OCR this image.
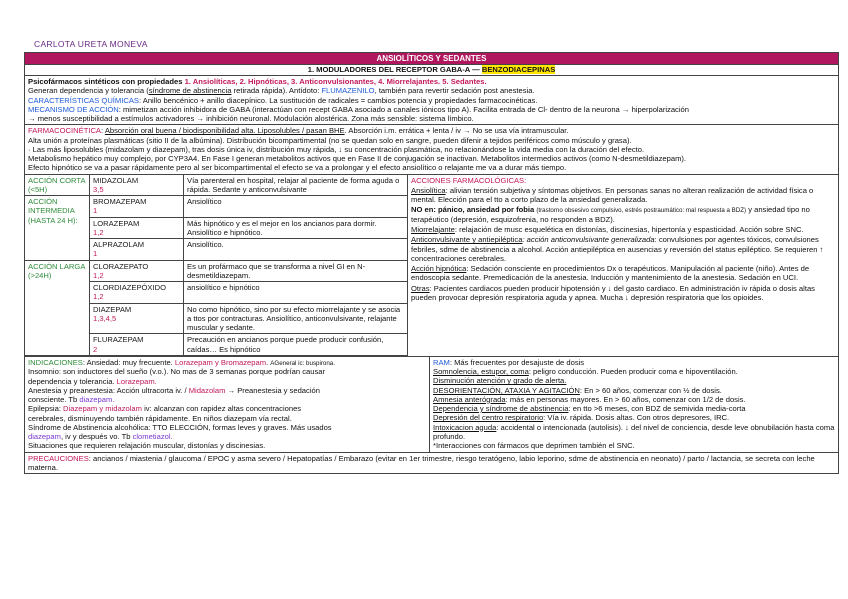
CARLOTA URETA MONEVA
ANSIOLÍTICOS Y SEDANTES
1. MODULADORES DEL RECEPTOR GABA-A — BENZODIACEPINAS

Psicofármacos sintéticos con propiedades 1. Ansiolíticas, 2. Hipnóticas, 3. Anticonvulsionantes, 4. Miorrelajantes. 5. Sedantes.

Generan dependencia y tolerancia (síndrome de abstinencia retirada rápida). Antídoto: FLUMAZENILO, también para revertir sedación post anestesia.

CARACTERÍSTICAS QUÍMICAS: Anillo bencénico + anillo diacepínico. La sustitución de radicales = cambios potencia y propiedades farmacocinéticas.

MECANISMO DE ACCIÓN: mimetizan acción inhibidora de GABA (interactúan con recept GABA asociado a canales iónicos tipo A). Facilita entrada de Cl- dentro de la neurona → hiperpolarización

→ menos susceptibilidad a estímulos activadores → inhibición neuronal. Modulación alostérica. Zona más sensible: sistema límbico.

FARMACOCINÉTICA: Absorción oral buena / biodisponibilidad alta. Liposolubles / pasan BHE. Absorción i.m. errática + lenta / iv → No se usa vía intramuscular.

Alta unión a proteínas plasmáticas (sitio II de la albúmina). Distribución bicompartimental (no se quedan solo en sangre, pueden difenir a tejidos periféricos como músculo y grasa).

· Las más liposolubles (midazolam y diazepam), tras dosis única iv, distribución muy rápida, ↓ su concentración plasmática, no relacionándose la vida media con la duración del efecto.

Metabolismo hepático muy complejo, por CYP3A4. En Fase I generan metabolitos activos que en Fase II de conjugación se inactivan. Metabolitos intermedios activos (como N-desmetildiazepam).

Efecto hipnótico se va a pasar rápidamente pero al ser bicompartimental el efecto se va a prolongar y el efecto ansiolítico o relajante me va a durar más tiempo.

ACCIÓN CORTA (<5H)
MIDAZOLAM
3,5
Vía parenteral en hospital, relajar al paciente de forma aguda o rápida. Sedante y anticonvulsivante
ACCIÓN INTERMEDIA (HASTA 24 H):
BROMAZEPAM
1
Ansiolítico
LORAZEPAM
1,2
Más hipnótico y es el mejor en los ancianos para dormir. Ansiolítico e hipnótico.
ALPRAZOLAM
1
Ansiolítico.
ACCIÓN LARGA (>24H)
CLORAZEPATO
1,2
Es un profármaco que se transforma a nivel GI en N-desmetildiazepam.
CLORDIAZEPÓXIDO
1,2
ansiolítico e hipnótico
DIAZEPAM
1,3,4,5
No como hipnótico, sino por su efecto miorrelajante y se asocia a ttos por contracturas. Ansiolítico, anticonvulsivante, relajante muscular y sedante.
FLURAZEPAM
2
Precaución en ancianos porque puede producir confusión, caídas… Es hipnótico

ACCIONES FARMACOLÓGICAS:

Ansiolítica: alivian tensión subjetiva y síntomas objetivos. En personas sanas no alteran realización de actividad física o mental. Elección para el tto a corto plazo de la ansiedad generalizada.

NO en: pánico, ansiedad por fobia (trastorno obsesivo compulsivo, estrés postraumático: mal respuesta a BDZ) y ansiedad tipo no terapéutico (depresión, esquizofrenia, no responden a BDZ).

Miorrelajante: relajación de musc esquelética en distonías, discinesias, hipertonía y espasticidad. Acción sobre SNC.

Anticonvulsivante y antiepiléptica: acción anticonvulsivante generalizada: convulsiones por agentes tóxicos, convulsiones febriles, sdme de abstinencia a alcohol. Acción antiepiléptica en ausencias y reversión del status epiléptico. Se requieren ↑ concentraciones cerebrales.

Acción hipnótica: Sedación consciente en procedimientos Dx o terapéuticos. Manipulación al paciente (niño). Antes de endoscopia sedante. Premedicación de la anestesia. Inducción y mantenimiento de la anestesia. Sedación en UCI.

Otras: Pacientes cardiacos pueden producir hipotensión y ↓ del gasto cardiaco. En administración iv rápida o dosis altas pueden provocar depresión respiratoria aguda y apnea. Mucha ↓ depresión respiratoria que los opioides.

INDICACIONES: Ansiedad: muy frecuente. Lorazepam y Bromazepam. AGeneral ic: buspirona.

Insomnio: son inductores del sueño (v.o.). No mas de 3 semanas porque podrían causar

dependencia y tolerancia. Lorazepam.

Anestesia y preanestesia: Acción ultracorta iv. / Midazolam → Preanestesia y sedación

consciente. Tb diazepam.

Epilepsia: Diazepam y midazolam iv: alcanzan con rapidez altas concentraciones

cerebrales, disminuyendo también rápidamente. En niños diazepam vía rectal.

Síndrome de Abstinencia alcohólica: TTO ELECCIÓN, formas leves y graves. Más usados

diazepam, iv y después vo. Tb clometiazol.

Situaciones que requieren relajación muscular, distonías y discinesias.

RAM: Más frecuentes por desajuste de dosis

Somnolencia, estupor, coma: peligro conducción. Pueden producir coma e hipoventilación.

Disminución atención y grado de alerta.

DESORIENTACIÓN, ATAXIA Y AGITACIÓN: En > 60 años, comenzar con ½ de dosis.

Amnesia anterógrada: más en personas mayores. En > 60 años, comenzar con 1/2 de dosis.

Dependencia y síndrome de abstinencia: en tto >6 meses, con BDZ de semivida media-corta

Depresión del centro respiratorio: Vía iv. rápida. Dosis altas. Con otros depresores, IRC.

Intoxicacion aguda: accidental o intencionada (autolisis). ↓ del nivel de conciencia, desde leve obnubilación hasta coma profundo.

*Interacciones con fármacos que deprimen también el SNC.

PRECAUCIONES: ancianos / miastenia / glaucoma / EPOC y asma severo / Hepatopatías / Embarazo (evitar en 1er trimestre, riesgo teratógeno, labio leporino, sdme de abstinencia en neonato) / parto / lactancia, se secreta con leche materna.
